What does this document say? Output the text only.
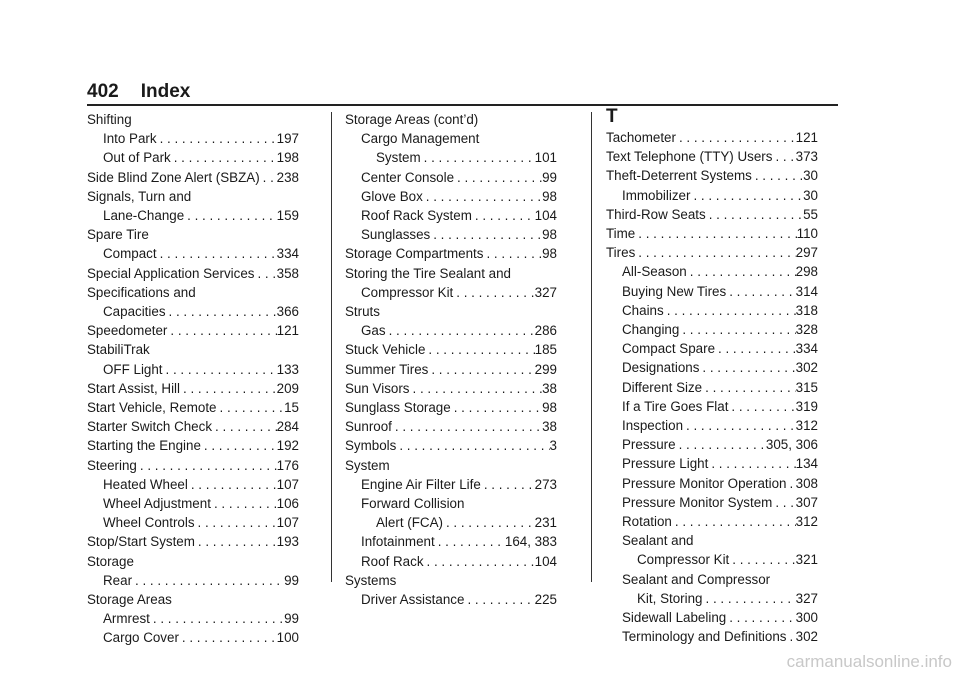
402 Index
Shifting
Into Park . . .	197
Out of Park . . .	198
Side Blind Zone Alert (SBZA) . . . 238
Signals, Turn and
Lane-Change . . .	159
Spare Tire
Compact . . .	334
Special Application Services . . . 358
Specifications and
Capacities . . .	366
Speedometer . . .	121
StabiliTrak
OFF Light . . .	133
Start Assist, Hill . . .	209
Start Vehicle, Remote . . .	15
Starter Switch Check . . .	284
Starting the Engine . . .	192
Steering . . .	176
Heated Wheel . . .	107
Wheel Adjustment . . .	106
Wheel Controls . . .	107
Stop/Start System . . .	193
Storage
Rear . . .	99
Storage Areas
Armrest . . .	99
Cargo Cover . . .	100
Storage Areas (cont’d)
Cargo Management
System . . .	101
Center Console . . .	99
Glove Box . . .	98
Roof Rack System . . .	104
Sunglasses . . .	98
Storage Compartments . . .	98
Storing the Tire Sealant and
Compressor Kit . . .	327
Struts
Gas . . .	286
Stuck Vehicle . . .	185
Summer Tires . . .	299
Sun Visors . . .	38
Sunglass Storage . . .	98
Sunroof . . .	38
Symbols . . .	3
System
Engine Air Filter Life . . .	273
Forward Collision
Alert (FCA) . . .	231
Infotainment . . .	164, 383
Roof Rack . . .	104
Systems
Driver Assistance . . .	225
T
Tachometer . . .	121
Text Telephone (TTY) Users . . . 373
Theft-Deterrent Systems . . .	30
Immobilizer . . .	30
Third-Row Seats . . .	55
Time . . .	110
Tires . . .	297
All-Season . . .	298
Buying New Tires . . .	314
Chains . . .	318
Changing . . .	328
Compact Spare . . .	334
Designations . . .	302
Different Size . . .	315
If a Tire Goes Flat . . .	319
Inspection . . .	312
Pressure . . .	305, 306
Pressure Light . . .	134
Pressure Monitor Operation . . . 308
Pressure Monitor System . . . 307
Rotation . . .	312
Sealant and
Compressor Kit . . .	321
Sealant and Compressor
Kit, Storing . . .	327
Sidewall Labeling . . .	300
Terminology and Definitions . . . 302
carmanualsonline.info
